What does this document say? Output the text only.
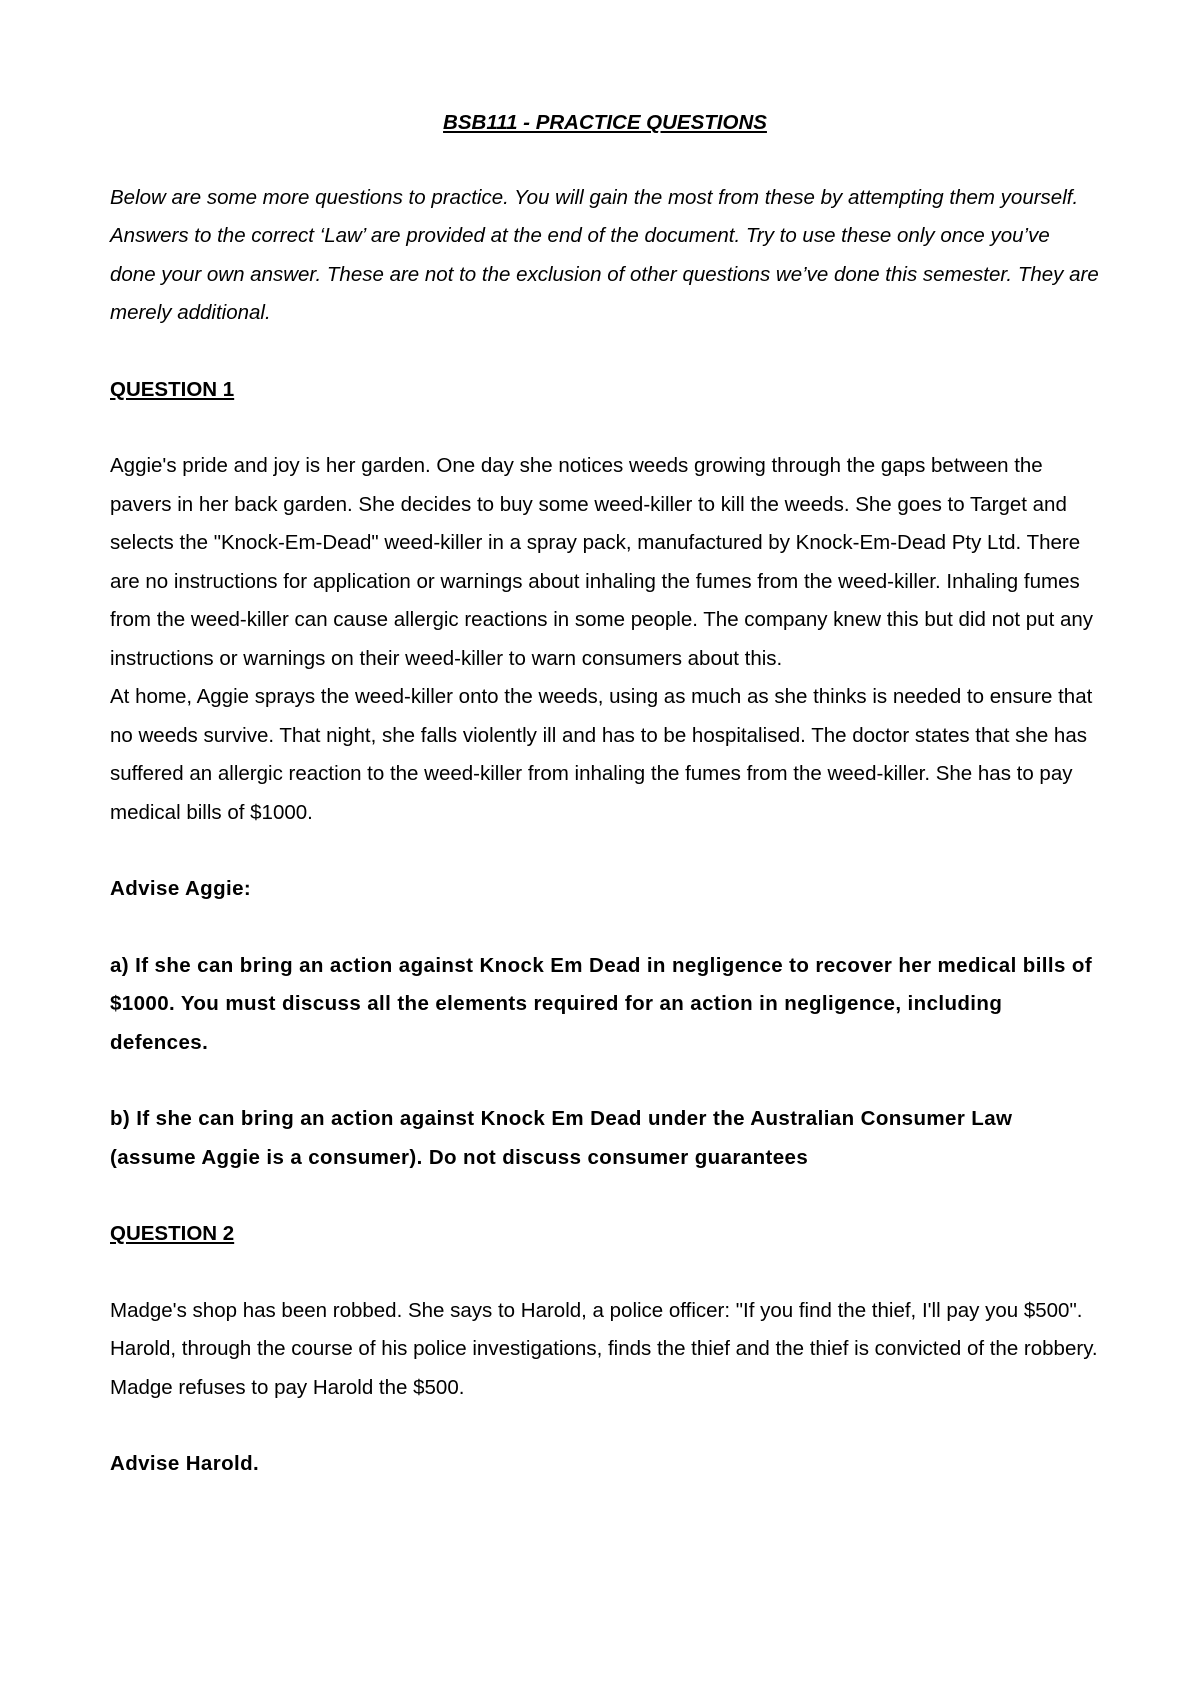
BSB111 - PRACTICE QUESTIONS

Below are some more questions to practice. You will gain the most from these by attempting them yourself. Answers to the correct ‘Law’ are provided at the end of the document. Try to use these only once you’ve done your own answer. These are not to the exclusion of other questions we’ve done this semester. They are merely additional.

QUESTION 1

Aggie's pride and joy is her garden. One day she notices weeds growing through the gaps between the pavers in her back garden. She decides to buy some weed-killer to kill the weeds. She goes to Target and selects the "Knock-Em-Dead" weed-killer in a spray pack, manufactured by Knock-Em-Dead Pty Ltd. There are no instructions for application or warnings about inhaling the fumes from the weed-killer. Inhaling fumes from the weed-killer can cause allergic reactions in some people. The company knew this but did not put any instructions or warnings on their weed-killer to warn consumers about this.

At home, Aggie sprays the weed-killer onto the weeds, using as much as she thinks is needed to ensure that no weeds survive. That night, she falls violently ill and has to be hospitalised. The doctor states that she has suffered an allergic reaction to the weed-killer from inhaling the fumes from the weed-killer. She has to pay medical bills of $1000.

Advise Aggie:

a) If she can bring an action against Knock Em Dead in negligence to recover her medical bills of $1000. You must discuss all the elements required for an action in negligence, including defences.

b) If she can bring an action against Knock Em Dead under the Australian Consumer Law (assume Aggie is a consumer). Do not discuss consumer guarantees

QUESTION 2

Madge's shop has been robbed. She says to Harold, a police officer: "If you find the thief, I'll pay you $500". Harold, through the course of his police investigations, finds the thief and the thief is convicted of the robbery. Madge refuses to pay Harold the $500.

Advise Harold.
